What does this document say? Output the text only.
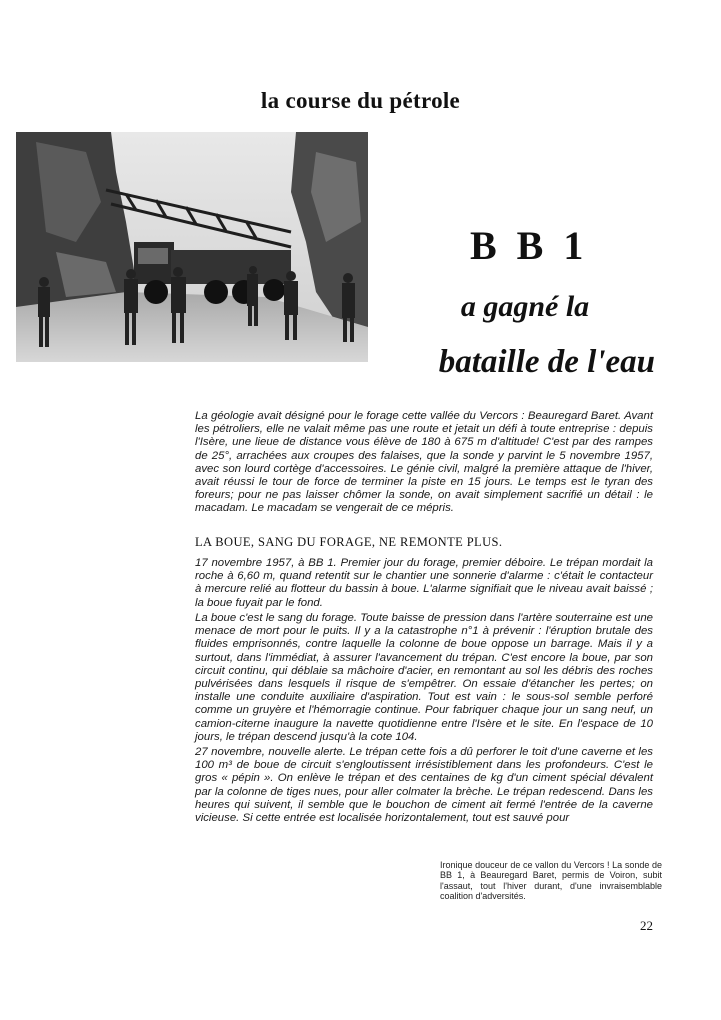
la course du pétrole
B B 1
a gagné la
bataille de l'eau

La géologie avait désigné pour le forage cette vallée du Vercors : Beauregard Baret. Avant les pétroliers, elle ne valait même pas une route et jetait un défi à toute entreprise : depuis l'Isère, une lieue de distance vous élève de 180 à 675 m d'altitude! C'est par des rampes de 25°, arrachées aux croupes des falaises, que la sonde y parvint le 5 novembre 1957, avec son lourd cortège d'accessoires. Le génie civil, malgré la première attaque de l'hiver, avait réussi le tour de force de terminer la piste en 15 jours. Le temps est le tyran des foreurs; pour ne pas laisser chômer la sonde, on avait simplement sacrifié un détail : le macadam. Le macadam se vengerait de ce mépris.

LA BOUE, SANG DU FORAGE, NE REMONTE PLUS.

17 novembre 1957, à BB 1. Premier jour du forage, premier déboire. Le trépan mordait la roche à 6,60 m, quand retentit sur le chantier une sonnerie d'alarme : c'était le contacteur à mercure relié au flotteur du bassin à boue. L'alarme signifiait que le niveau avait baissé ; la boue fuyait par le fond.

La boue c'est le sang du forage. Toute baisse de pression dans l'artère souterraine est une menace de mort pour le puits. Il y a la catastrophe n°1 à prévenir : l'éruption brutale des fluides emprisonnés, contre laquelle la colonne de boue oppose un barrage. Mais il y a surtout, dans l'immédiat, à assurer l'avancement du trépan. C'est encore la boue, par son circuit continu, qui déblaie sa mâchoire d'acier, en remontant au sol les débris des roches pulvérisées dans lesquels il risque de s'empêtrer. On essaie d'étancher les pertes; on installe une conduite auxiliaire d'aspiration. Tout est vain : le sous-sol semble perforé comme un gruyère et l'hémorragie continue. Pour fabriquer chaque jour un sang neuf, un camion-citerne inaugure la navette quotidienne entre l'Isère et le site. En l'espace de 10 jours, le trépan descend jusqu'à la cote 104.

27 novembre, nouvelle alerte. Le trépan cette fois a dû perforer le toit d'une caverne et les 100 m³ de boue de circuit s'engloutissent irrésistiblement dans les profondeurs. C'est le gros « pépin ». On enlève le trépan et des centaines de kg d'un ciment spécial dévalent par la colonne de tiges nues, pour aller colmater la brèche. Le trépan redescend. Dans les heures qui suivent, il semble que le bouchon de ciment ait fermé l'entrée de la caverne vicieuse. Si cette entrée est localisée horizontalement, tout est sauvé pour

Ironique douceur de ce vallon du Vercors ! La sonde de BB 1, à Beauregard Baret, permis de Voiron, subit l'assaut, tout l'hiver durant, d'une invraisemblable coalition d'adversités.

22
